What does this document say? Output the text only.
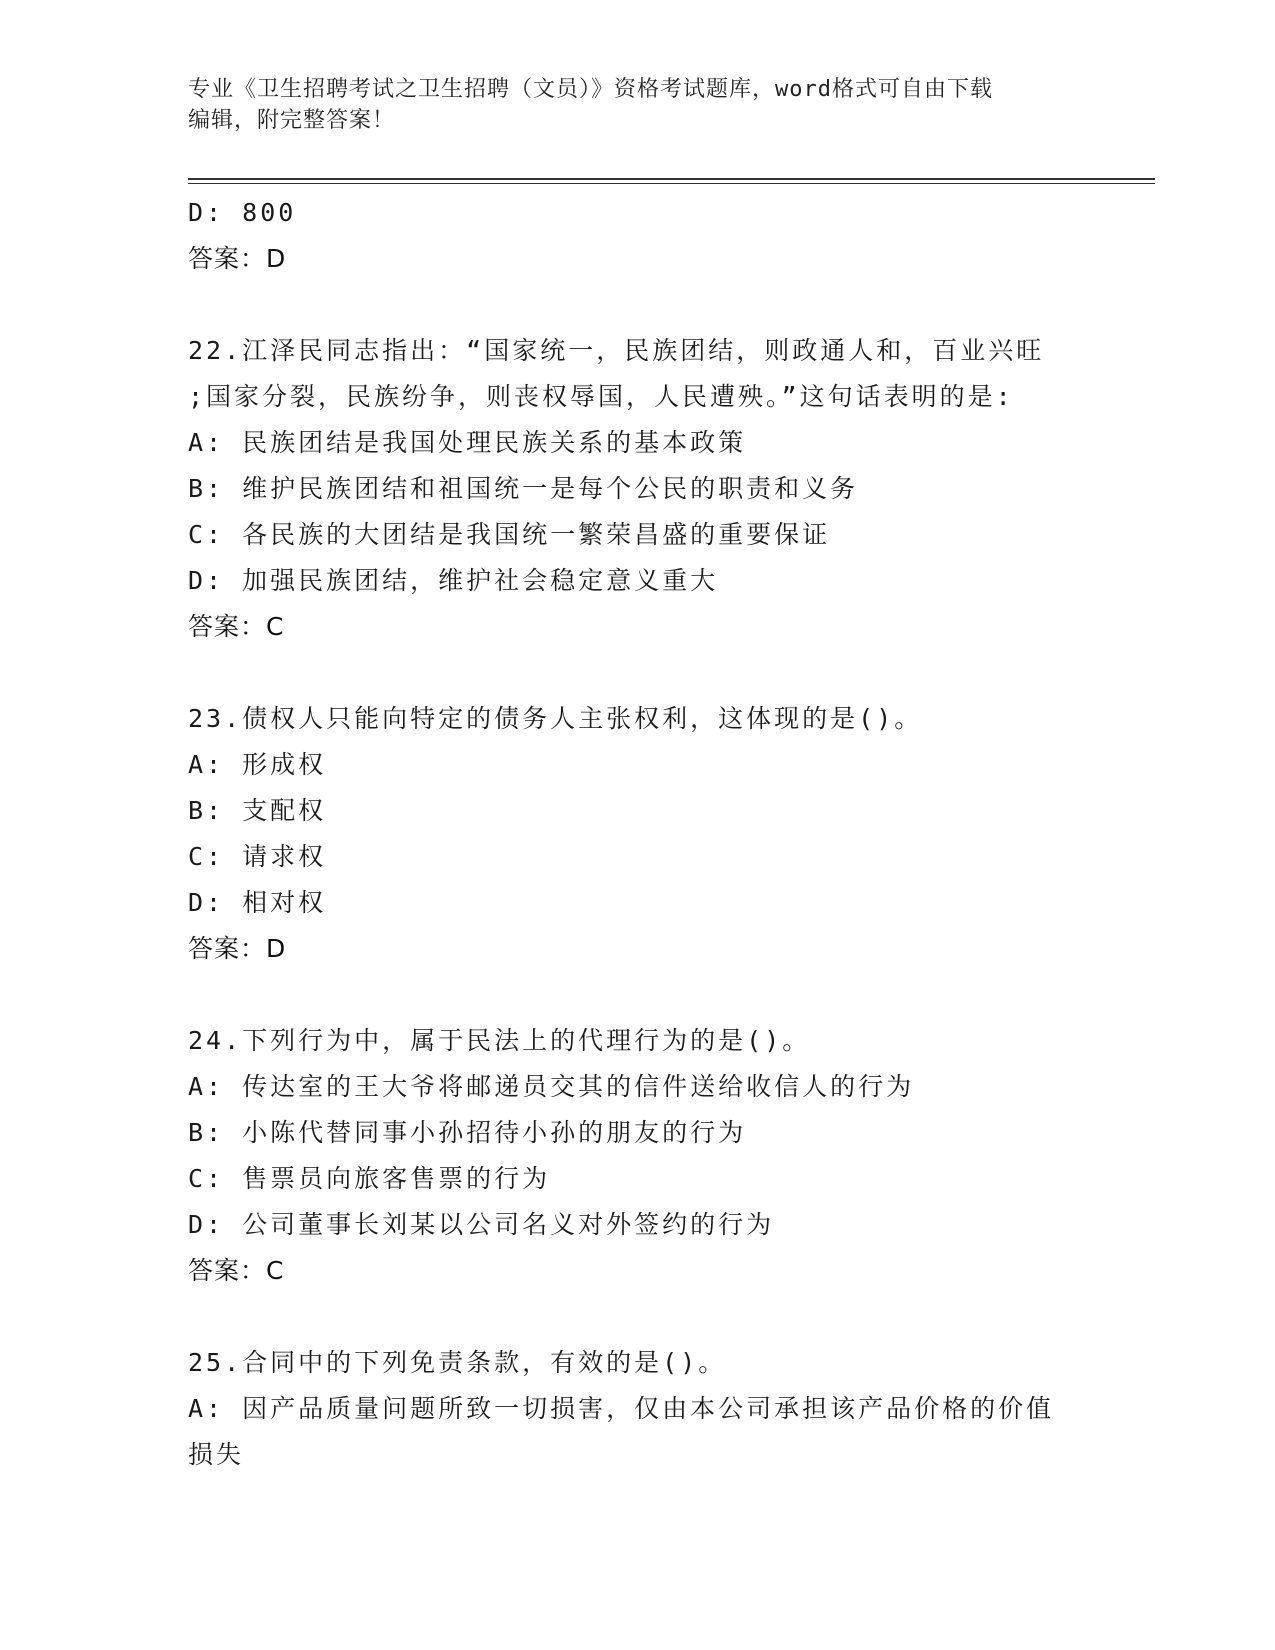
专业《卫生招聘考试之卫生招聘（文员）》资格考试题库，word格式可自由下载
编辑，附完整答案！
D: 800
答案：D
22.江泽民同志指出：“国家统一，民族团结，则政通人和，百业兴旺
;国家分裂，民族纷争，则丧权辱国，人民遭殃。”这句话表明的是:
A: 民族团结是我国处理民族关系的基本政策
B: 维护民族团结和祖国统一是每个公民的职责和义务
C: 各民族的大团结是我国统一繁荣昌盛的重要保证
D: 加强民族团结，维护社会稳定意义重大
答案：C
23.债权人只能向特定的债务人主张权利，这体现的是()。
A: 形成权
B: 支配权
C: 请求权
D: 相对权
答案：D
24.下列行为中，属于民法上的代理行为的是()。
A: 传达室的王大爷将邮递员交其的信件送给收信人的行为
B: 小陈代替同事小孙招待小孙的朋友的行为
C: 售票员向旅客售票的行为
D: 公司董事长刘某以公司名义对外签约的行为
答案：C
25.合同中的下列免责条款，有效的是()。
A: 因产品质量问题所致一切损害，仅由本公司承担该产品价格的价值
损失
